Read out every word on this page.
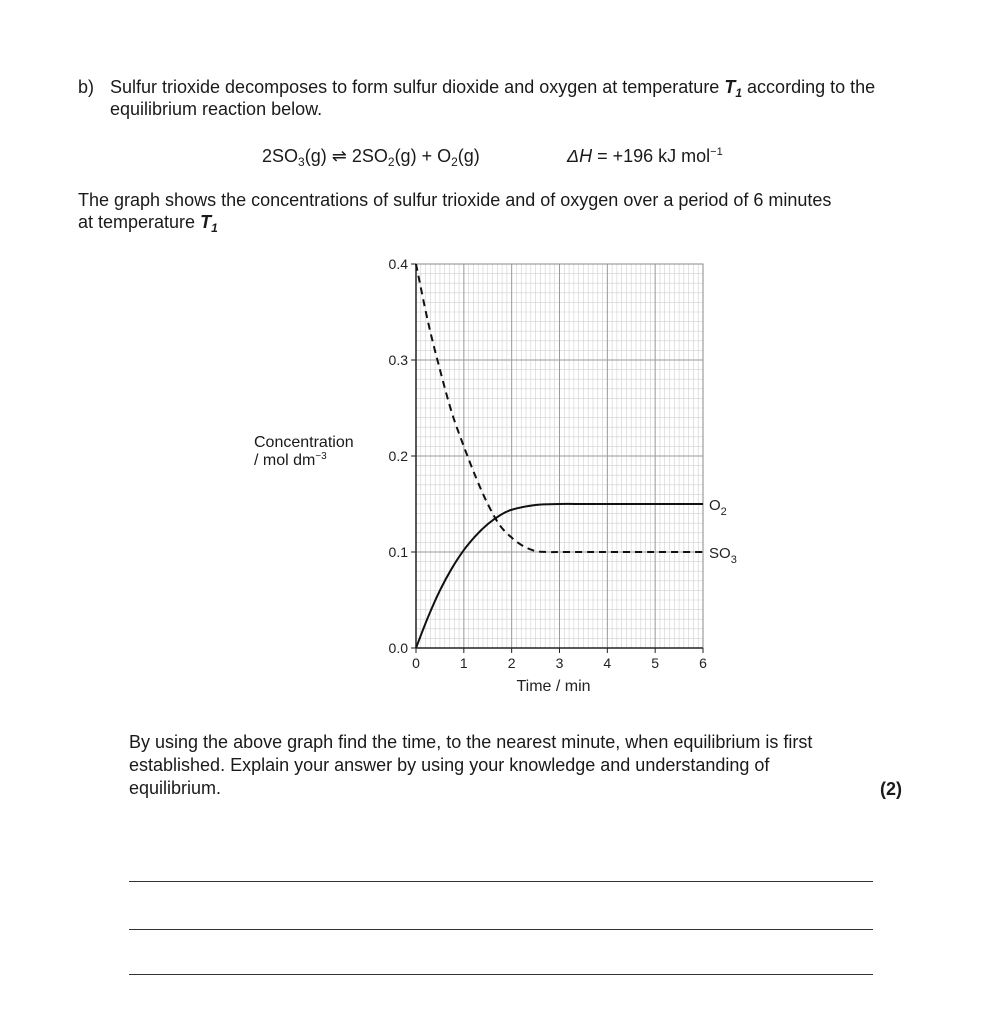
b) Sulfur trioxide decomposes to form sulfur dioxide and oxygen at temperature $T_1$ according to the
equilibrium reaction below.
$2SO_3(g)$ ⇌ $2SO_2(g) + O_2(g)$	ΔH = +196 kJ mol$^{-1}$
The graph shows the concentrations of sulfur trioxide and of oxygen over a period of 6 minutes
at temperature $T_1$
Concentration
/ mol $dm^{-3}$
0.0
0.1
0.2
0.3
0.4
0	1	2	3	4	5	6
Time / min
$O_2$
$SO_3$
By using the above graph find the time, to the nearest minute, when equilibrium is first
established. Explain your answer by using your knowledge and understanding of
equilibrium.	(2)
